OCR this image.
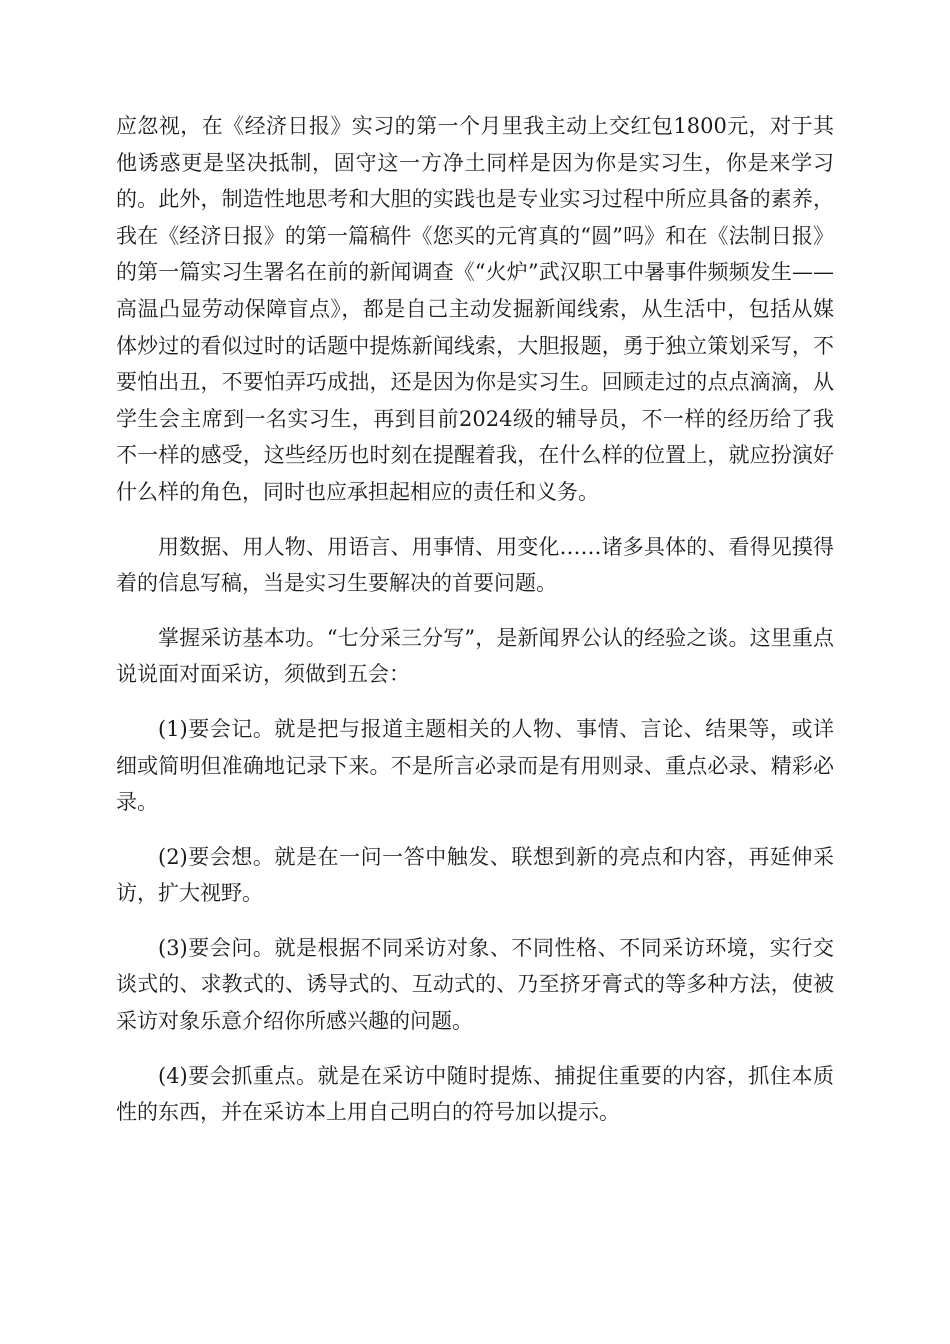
应忽视，在《经济日报》实习的第一个月里我主动上交红包1800元，对于其他诱惑更是坚决抵制，固守这一方净土同样是因为你是实习生，你是来学习的。此外，制造性地思考和大胆的实践也是专业实习过程中所应具备的素养，我在《经济日报》的第一篇稿件《您买的元宵真的“圆”吗》和在《法制日报》的第一篇实习生署名在前的新闻调查《“火炉”武汉职工中暑事件频频发生——高温凸显劳动保障盲点》，都是自己主动发掘新闻线索，从生活中，包括从媒体炒过的看似过时的话题中提炼新闻线索，大胆报题，勇于独立策划采写，不要怕出丑，不要怕弄巧成拙，还是因为你是实习生。回顾走过的点点滴滴，从学生会主席到一名实习生，再到目前2024级的辅导员，不一样的经历给了我不一样的感受，这些经历也时刻在提醒着我，在什么样的位置上，就应扮演好什么样的角色，同时也应承担起相应的责任和义务。

用数据、用人物、用语言、用事情、用变化……诸多具体的、看得见摸得着的信息写稿，当是实习生要解决的首要问题。

掌握采访基本功。“七分采三分写”，是新闻界公认的经验之谈。这里重点说说面对面采访，须做到五会：

(1)要会记。就是把与报道主题相关的人物、事情、言论、结果等，或详细或简明但准确地记录下来。不是所言必录而是有用则录、重点必录、精彩必录。

(2)要会想。就是在一问一答中触发、联想到新的亮点和内容，再延伸采访，扩大视野。

(3)要会问。就是根据不同采访对象、不同性格、不同采访环境，实行交谈式的、求教式的、诱导式的、互动式的、乃至挤牙膏式的等多种方法，使被采访对象乐意介绍你所感兴趣的问题。

(4)要会抓重点。就是在采访中随时提炼、捕捉住重要的内容，抓住本质性的东西，并在采访本上用自己明白的符号加以提示。
